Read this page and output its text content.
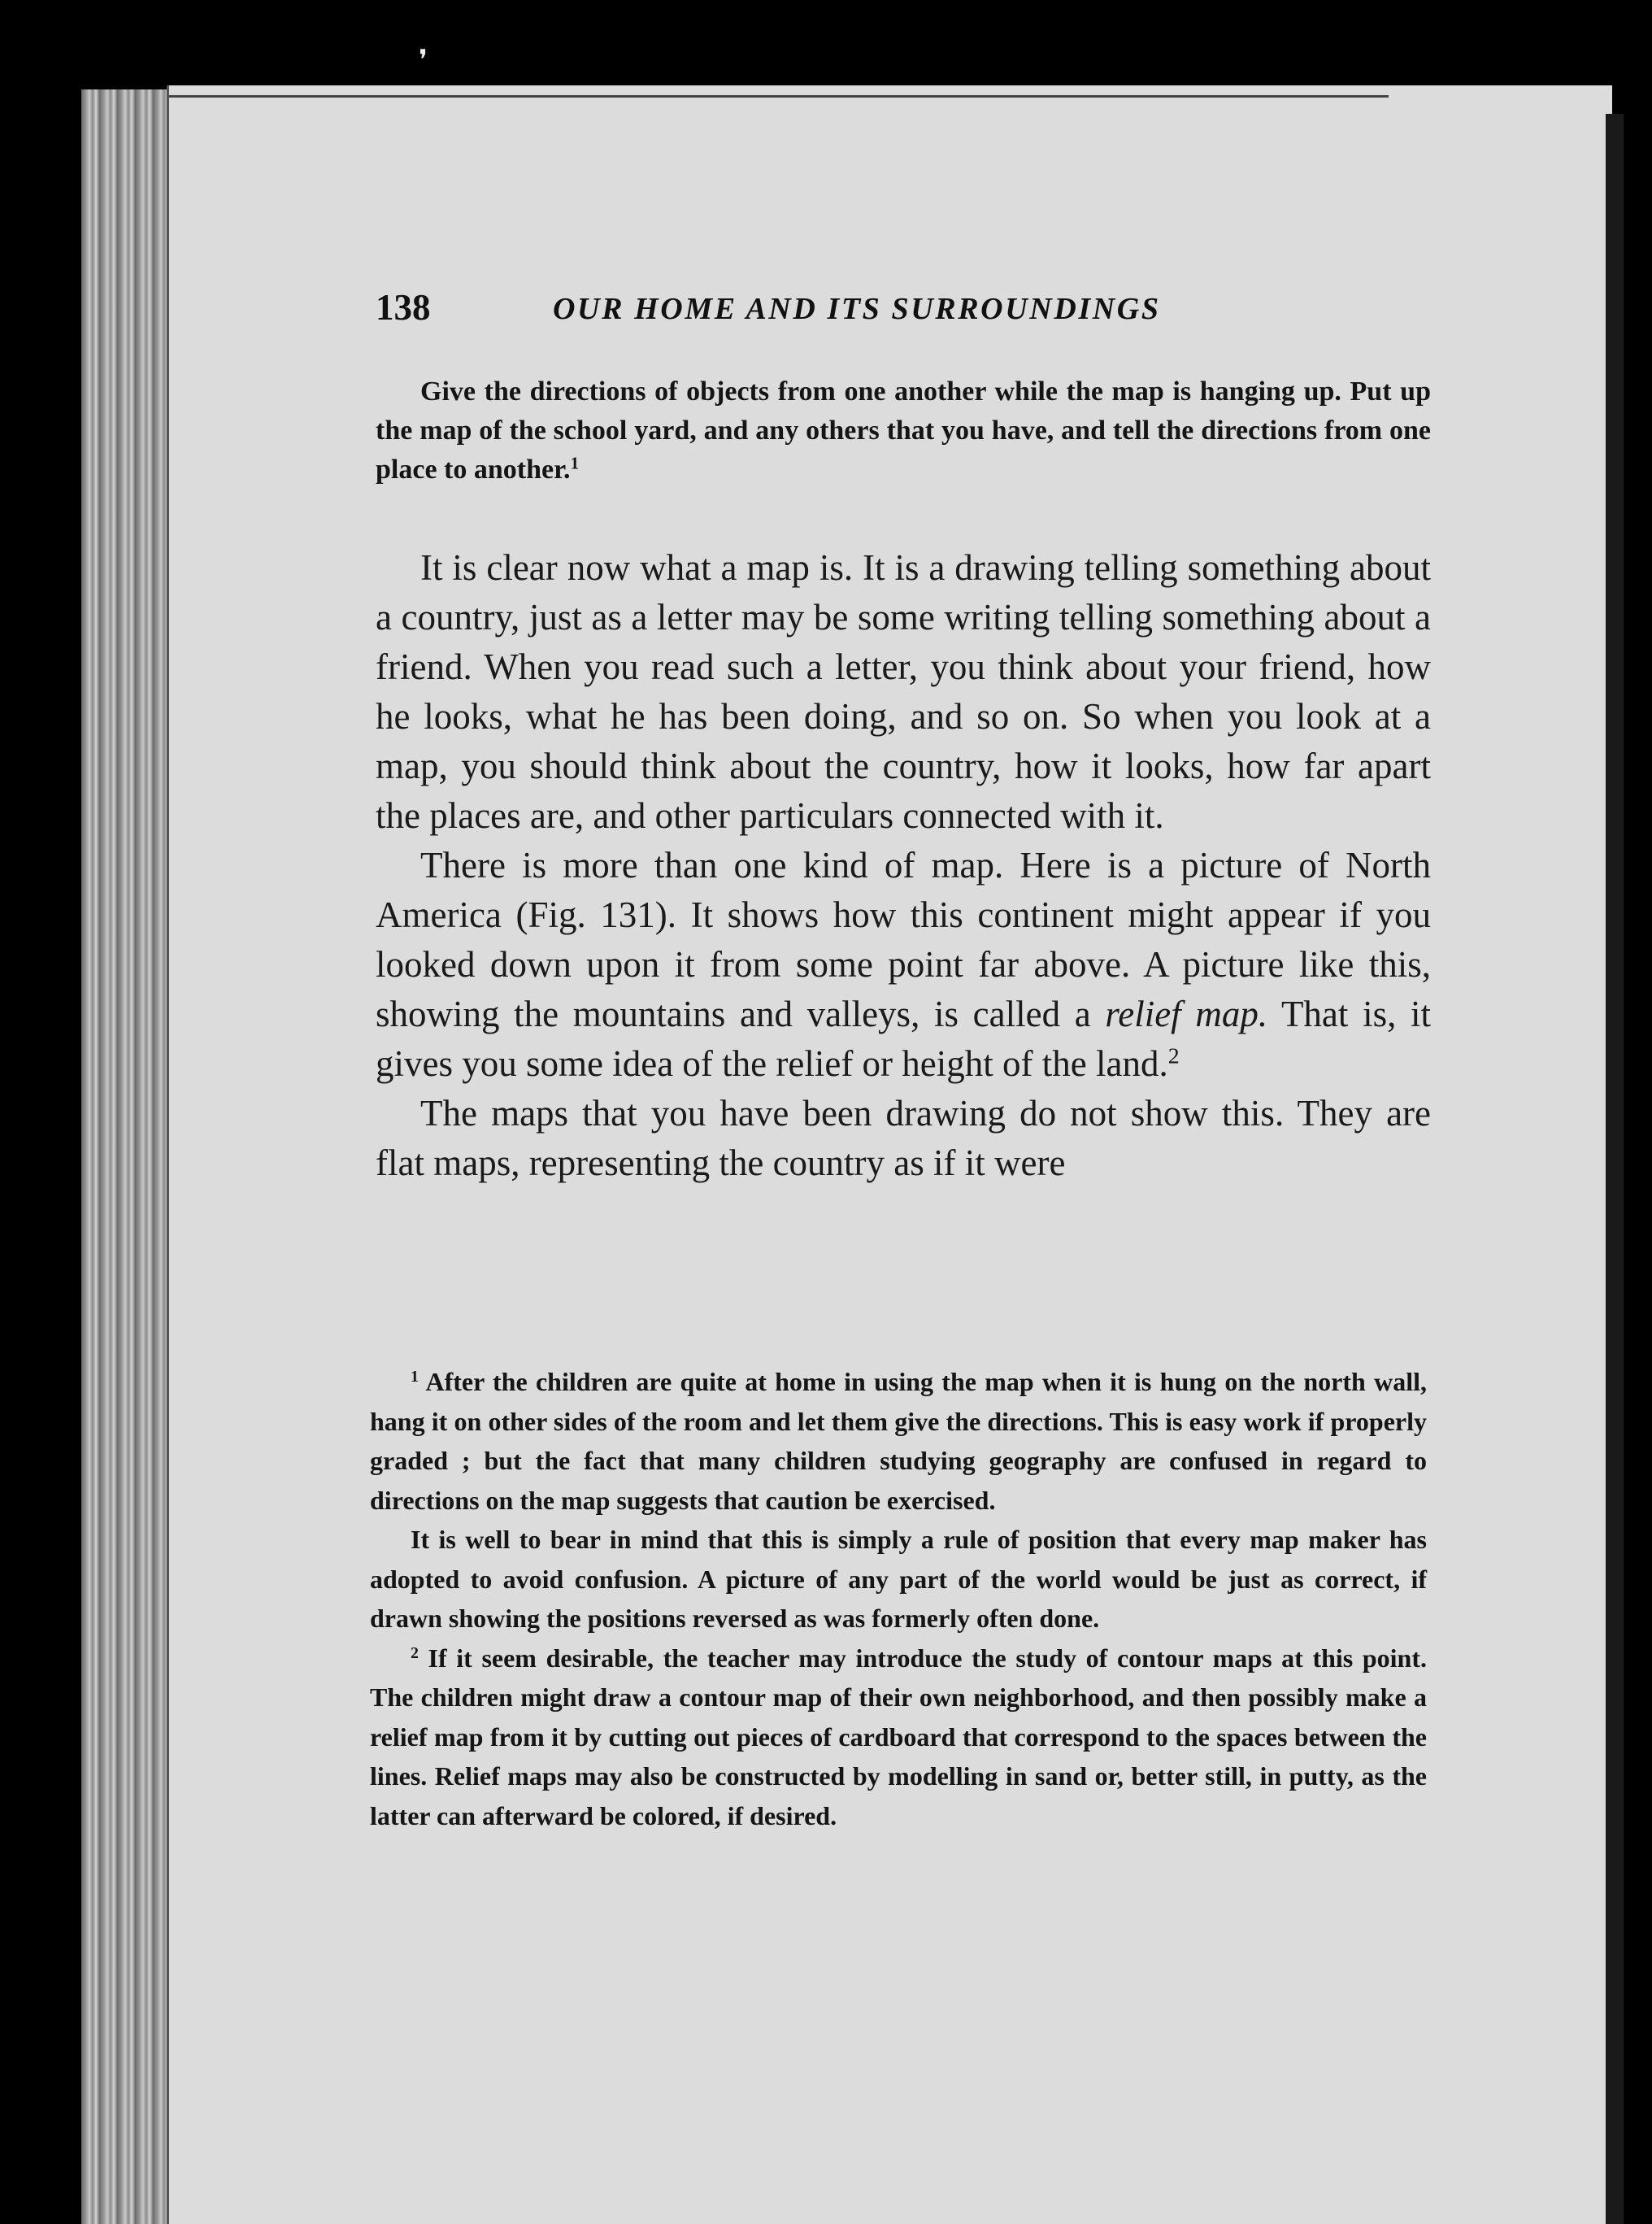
❜
138	OUR HOME AND ITS SURROUNDINGS

Give the directions of objects from one another while the map is hanging up. Put up the map of the school yard, and any others that you have, and tell the directions from one place to another.$^1$

It is clear now what a map is. It is a drawing telling something about a country, just as a letter may be some writing telling something about a friend. When you read such a letter, you think about your friend, how he looks, what he has been doing, and so on. So when you look at a map, you should think about the country, how it looks, how far apart the places are, and other particulars connected with it.

There is more than one kind of map. Here is a picture of North America (Fig. 131). It shows how this continent might appear if you looked down upon it from some point far above. A picture like this, showing the mountains and valleys, is called a relief map. That is, it gives you some idea of the relief or height of the land.$^2$

The maps that you have been drawing do not show this. They are flat maps, representing the country as if it were

$^1$ After the children are quite at home in using the map when it is hung on the north wall, hang it on other sides of the room and let them give the directions. This is easy work if properly graded ; but the fact that many children studying geography are confused in regard to directions on the map suggests that caution be exercised.

It is well to bear in mind that this is simply a rule of position that every map maker has adopted to avoid confusion. A picture of any part of the world would be just as correct, if drawn showing the positions reversed as was formerly often done.

$^2$ If it seem desirable, the teacher may introduce the study of contour maps at this point. The children might draw a contour map of their own neighborhood, and then possibly make a relief map from it by cutting out pieces of cardboard that correspond to the spaces between the lines. Relief maps may also be constructed by modelling in sand or, better still, in putty, as the latter can afterward be colored, if desired.
